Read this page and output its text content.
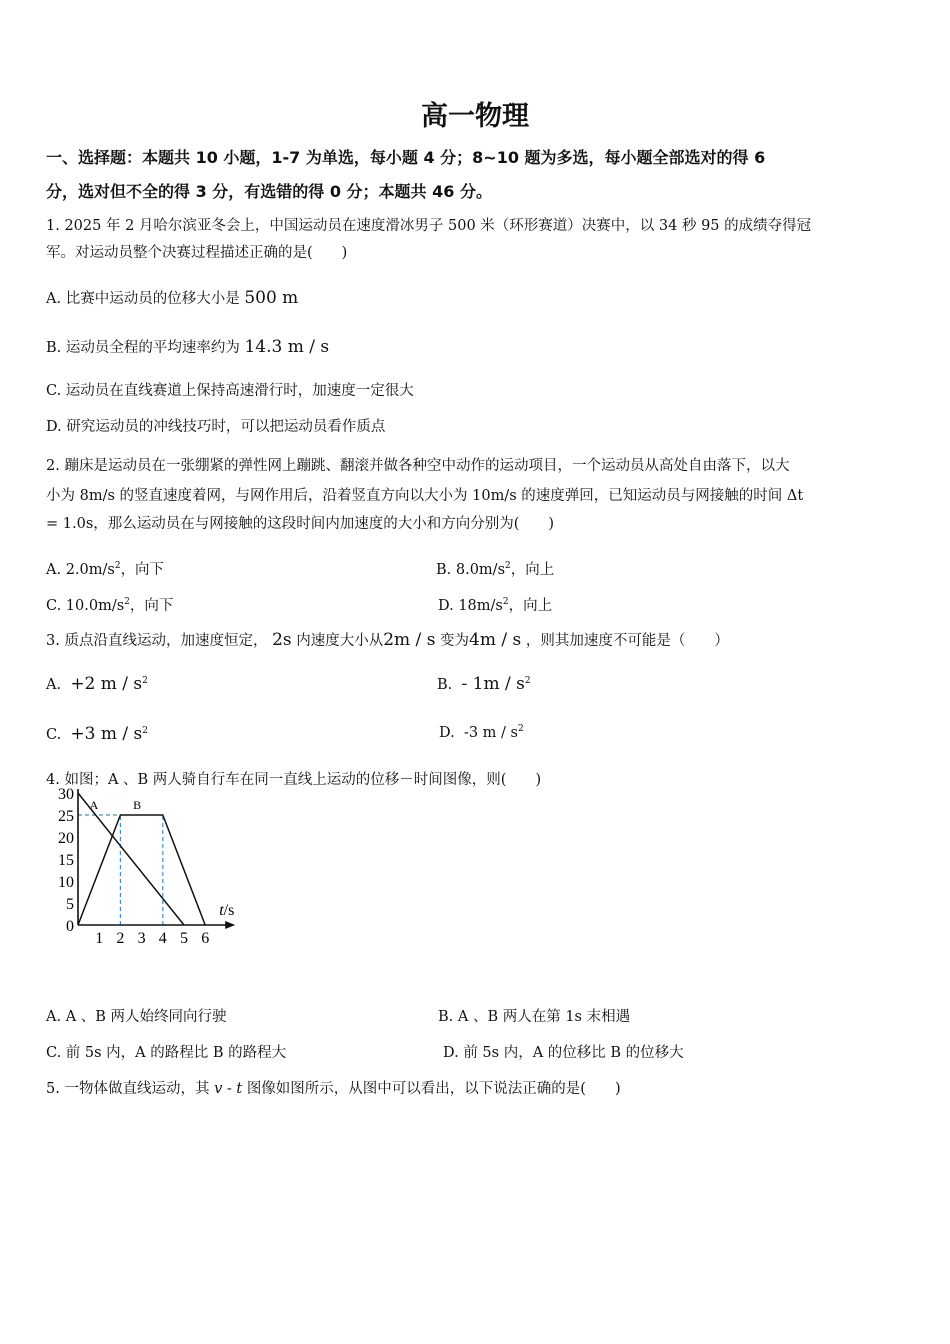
高一物理
一、选择题：本题共 10 小题，1-7 为单选，每小题 4 分；8~10 题为多选，每小题全部选对的得 6
分，选对但不全的得 3 分，有选错的得 0 分；本题共 46 分。
1. 2025 年 2 月哈尔滨亚冬会上，中国运动员在速度滑冰男子 500 米（环形赛道）决赛中，以 34 秒 95 的成绩夺得冠
军。对运动员整个决赛过程描述正确的是(　　)
A. 比赛中运动员的位移大小是 500 m
B. 运动员全程的平均速率约为 14.3 m / s
C. 运动员在直线赛道上保持高速滑行时，加速度一定很大
D. 研究运动员的冲线技巧时，可以把运动员看作质点
2. 蹦床是运动员在一张绷紧的弹性网上蹦跳、翻滚并做各种空中动作的运动项目，一个运动员从高处自由落下，以大
小为 8m/s 的竖直速度着网，与网作用后，沿着竖直方向以大小为 10m/s 的速度弹回，已知运动员与网接触的时间 Δt
= 1.0s，那么运动员在与网接触的这段时间内加速度的大小和方向分别为(　　)
A. $2.0m/s^2$，向下	B. $8.0m/s^2$，向上
C. $10.0m/s^2$，向下	D. $18m/s^2$，向上
3. 质点沿直线运动，加速度恒定， 2s 内速度大小从2m / s 变为4m / s ，则其加速度不可能是（　　）
A. +2 m / $s^2$	B. - $1m / s^2$
C. +3 m / $s^2$	D. -3 m / $s^2$
4. 如图；A 、B 两人骑自行车在同一直线上运动的位移－时间图像，则(　　)
A	B
0
1 2 3 4 5 6
5
10
15
20
25
30
t/s
A. A 、B 两人始终同向行驶	B. A 、B 两人在第 1s 末相遇
C. 前 5s 内，A 的路程比 B 的路程大	D. 前 5s 内，A 的位移比 B 的位移大
5. 一物体做直线运动，其 v - t 图像如图所示，从图中可以看出，以下说法正确的是(　　)
